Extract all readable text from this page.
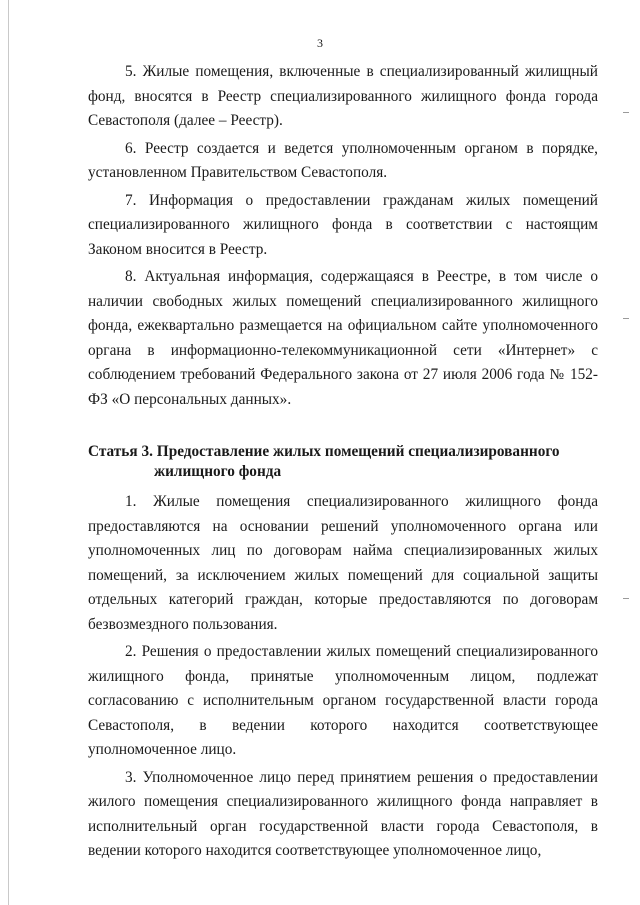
3

5. Жилые помещения, включенные в специализированный жилищный фонд, вносятся в Реестр специализированного жилищного фонда города Севастополя (далее – Реестр).

6. Реестр создается и ведется уполномоченным органом в порядке, установленном Правительством Севастополя.

7. Информация о предоставлении гражданам жилых помещений специализированного жилищного фонда в соответствии с настоящим Законом вносится в Реестр.

8. Актуальная информация, содержащаяся в Реестре, в том числе о наличии свободных жилых помещений специализированного жилищного фонда, ежеквартально размещается на официальном сайте уполномоченного органа в информационно-телекоммуникационной сети «Интернет» с соблюдением требований Федерального закона от 27 июля 2006 года № 152-ФЗ «О персональных данных».

Статья 3. Предоставление жилых помещений специализированного жилищного фонда

1. Жилые помещения специализированного жилищного фонда предоставляются на основании решений уполномоченного органа или уполномоченных лиц по договорам найма специализированных жилых помещений, за исключением жилых помещений для социальной защиты отдельных категорий граждан, которые предоставляются по договорам безвозмездного пользования.

2. Решения о предоставлении жилых помещений специализированного жилищного фонда, принятые уполномоченным лицом, подлежат согласованию с исполнительным органом государственной власти города Севастополя, в ведении которого находится соответствующее уполномоченное лицо.

3. Уполномоченное лицо перед принятием решения о предоставлении жилого помещения специализированного жилищного фонда направляет в исполнительный орган государственной власти города Севастополя, в ведении которого находится соответствующее уполномоченное лицо,
